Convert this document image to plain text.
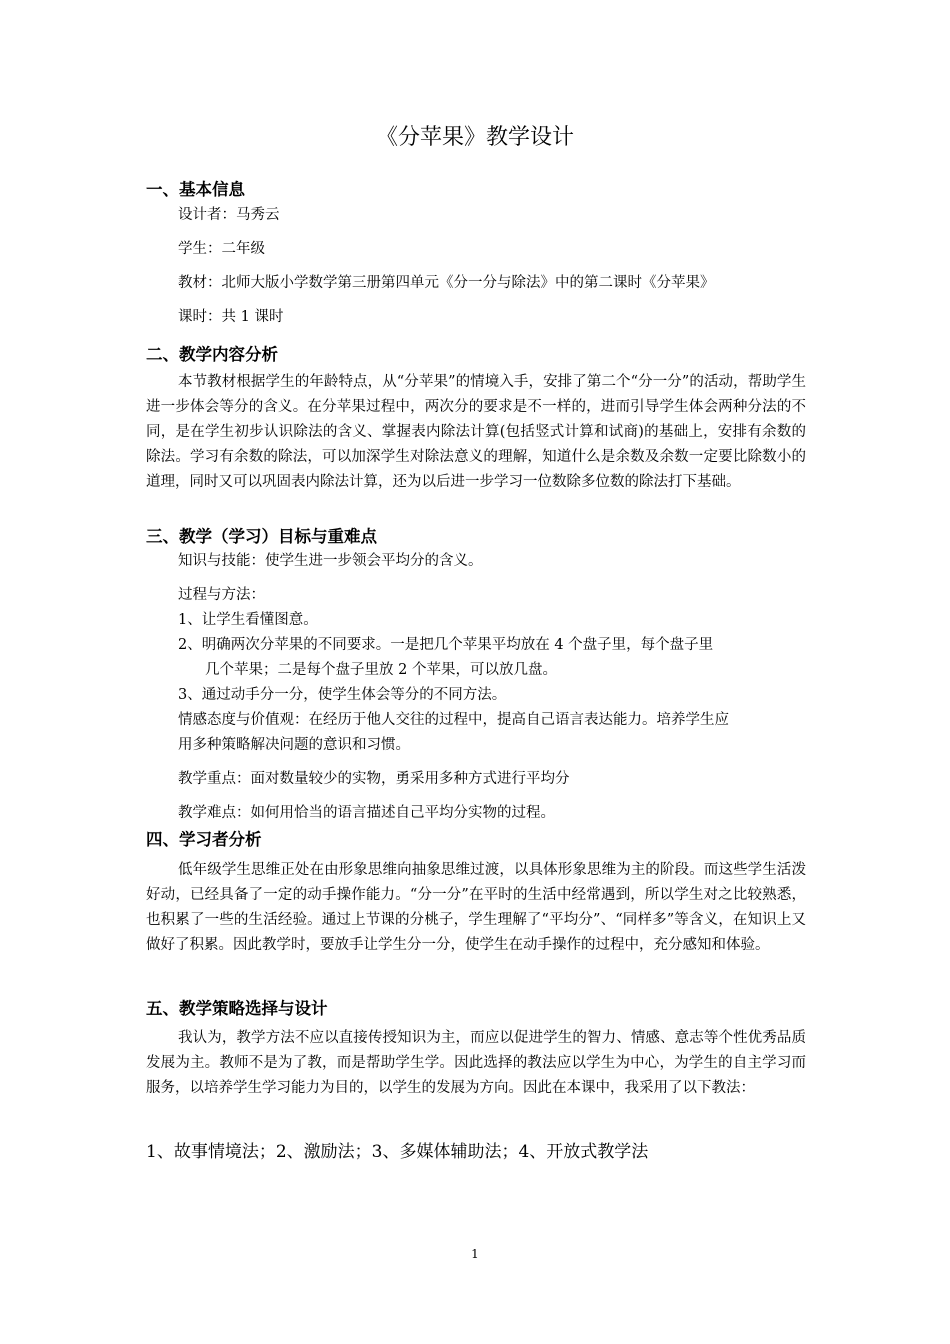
《分苹果》教学设计
一、基本信息
设计者：马秀云
学生：二年级
教材：北师大版小学数学第三册第四单元《分一分与除法》中的第二课时《分苹果》
课时：共 1 课时
二、教学内容分析
本节教材根据学生的年龄特点，从“分苹果”的情境入手，安排了第二个“分一分”的活动，帮助学生进一步体会等分的含义。在分苹果过程中，两次分的要求是不一样的，进而引导学生体会两种分法的不同，是在学生初步认识除法的含义、掌握表内除法计算(包括竖式计算和试商)的基础上，安排有余数的除法。学习有余数的除法，可以加深学生对除法意义的理解，知道什么是余数及余数一定要比除数小的道理，同时又可以巩固表内除法计算，还为以后进一步学习一位数除多位数的除法打下基础。
三、教学（学习）目标与重难点
知识与技能：使学生进一步领会平均分的含义。
过程与方法：
1、让学生看懂图意。
2、明确两次分苹果的不同要求。一是把几个苹果平均放在 4 个盘子里，每个盘子里
几个苹果；二是每个盘子里放 2 个苹果，可以放几盘。
3、通过动手分一分，使学生体会等分的不同方法。
情感态度与价值观：在经历于他人交往的过程中，提高自己语言表达能力。培养学生应
用多种策略解决问题的意识和习惯。
教学重点：面对数量较少的实物，勇采用多种方式进行平均分
教学难点：如何用恰当的语言描述自己平均分实物的过程。
四、学习者分析
低年级学生思维正处在由形象思维向抽象思维过渡，以具体形象思维为主的阶段。而这些学生活泼好动，已经具备了一定的动手操作能力。“分一分”在平时的生活中经常遇到，所以学生对之比较熟悉，也积累了一些的生活经验。通过上节课的分桃子，学生理解了“平均分”、“同样多”等含义，在知识上又做好了积累。因此教学时，要放手让学生分一分，使学生在动手操作的过程中，充分感知和体验。
五、教学策略选择与设计
我认为，教学方法不应以直接传授知识为主，而应以促进学生的智力、情感、意志等个性优秀品质发展为主。教师不是为了教，而是帮助学生学。因此选择的教法应以学生为中心，为学生的自主学习而服务，以培养学生学习能力为目的，以学生的发展为方向。因此在本课中，我采用了以下教法：
1、故事情境法；2、激励法；3、多媒体辅助法；4、开放式教学法
1
